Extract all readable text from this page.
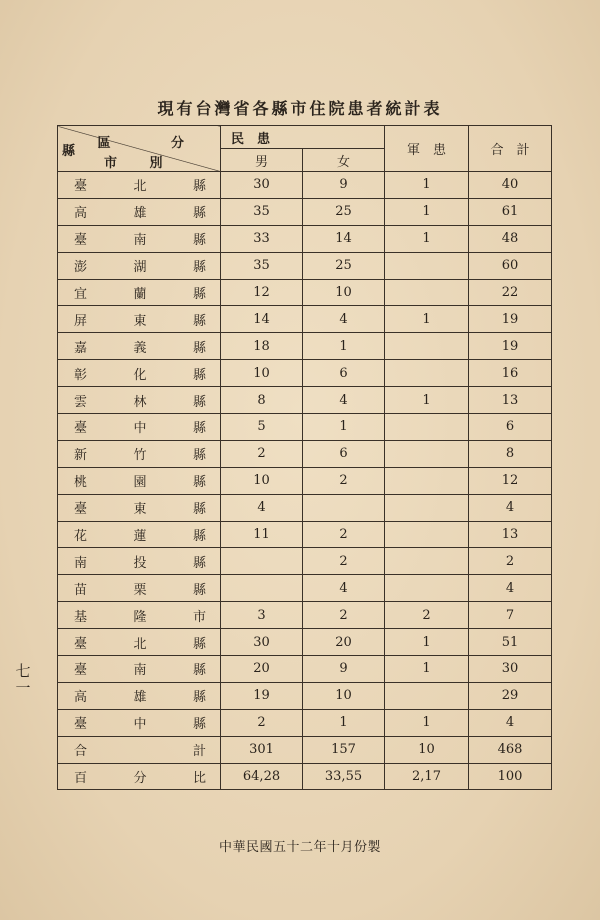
現有台灣省各縣市住院患者統計表
區 分
縣
市 別	民　患		軍　患	合　計
	男	女		

臺 北 縣	30	9	1	40

高 雄 縣	35	25	1	61

臺 南 縣	33	14	1	48

澎 湖 縣	35	25		60

宜 蘭 縣	12	10		22

屏 東 縣	14	4	1	19

嘉 義 縣	18	1		19

彰 化 縣	10	6		16

雲 林 縣	8	4	1	13

臺 中 縣	5	1		6

新 竹 縣	2	6		8

桃 園 縣	10	2		12

臺 東 縣	4			4

花 蓮 縣	11	2		13

南 投 縣		2		2

苗 栗 縣		4		4

基 隆 市	3	2	2	7

臺 北 縣	30	20	1	51

臺 南 縣	20	9	1	30

高 雄 縣	19	10		29

臺 中 縣	2	1	1	4

合 計	301	157	10	468

百 分 比	64,28	33,55	2,17	100
中華民國五十二年十月份製
七一
